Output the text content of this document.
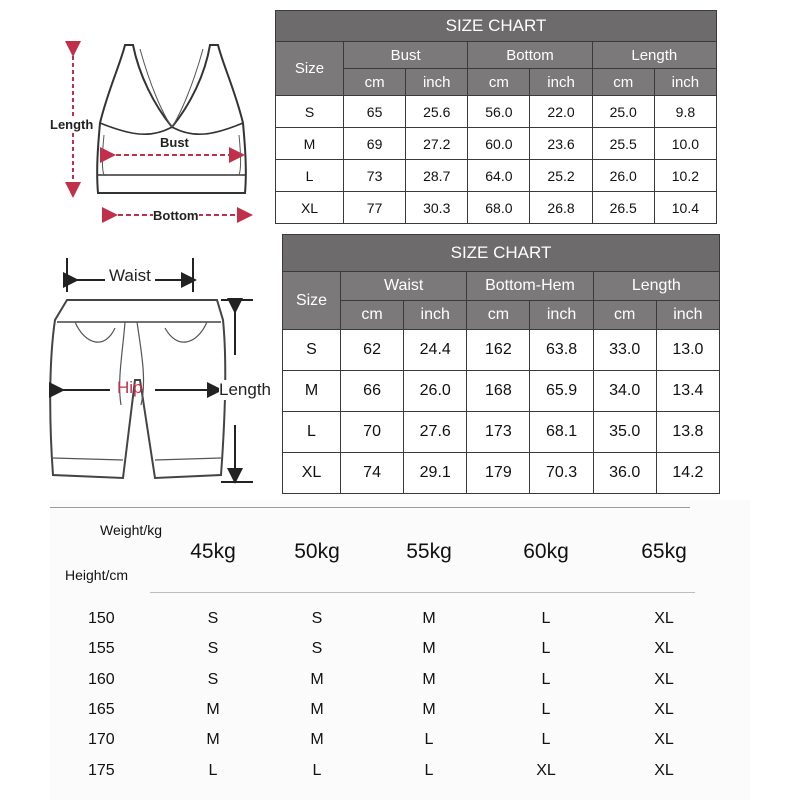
Length
Bust
Bottom
Waist
Hip	Length
SIZE CHART						
Size	Bust		Bottom		Length	
	cm	inch	cm	inch	cm	inch
S	65	25.6	56.0	22.0	25.0	9.8
M	69	27.2	60.0	23.6	25.5	10.0
L	73	28.7	64.0	25.2	26.0	10.2
XL	77	30.3	68.0	26.8	26.5	10.4
SIZE CHART						
Size	Waist		Bottom-Hem		Length	
	cm	inch	cm	inch	cm	inch
S	62	24.4	162	63.8	33.0	13.0
M	66	26.0	168	65.9	34.0	13.4
L	70	27.6	173	68.1	35.0	13.8
XL	74	29.1	179	70.3	36.0	14.2
Weight/kg
Height/cm
45kg	50kg	55kg	60kg	65kg
150	S	S	M	L	XL
155	S	S	M	L	XL
160	S	M	M	L	XL
165	M	M	M	L	XL
170	M	M	L	L	XL
175	L	L	L	XL	XL
